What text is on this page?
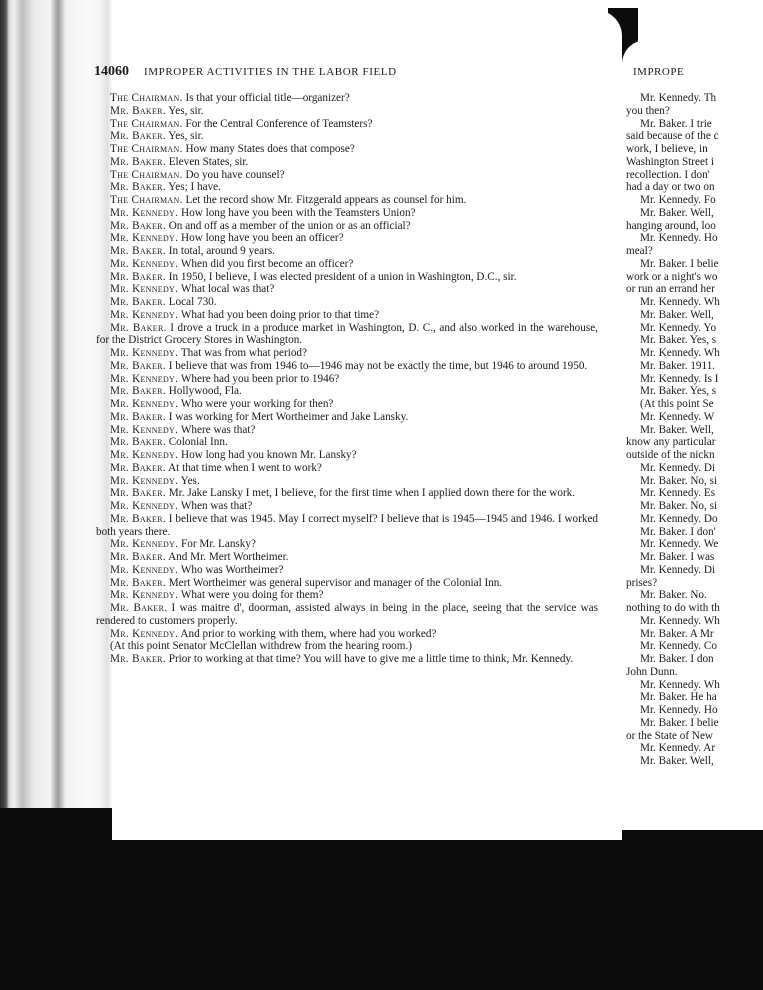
14060 IMPROPER ACTIVITIES IN THE LABOR FIELD
The Chairman. Is that your official title—organizer?
Mr. Baker. Yes, sir.
The Chairman. For the Central Conference of Teamsters?
Mr. Baker. Yes, sir.
The Chairman. How many States does that compose?
Mr. Baker. Eleven States, sir.
The Chairman. Do you have counsel?
Mr. Baker. Yes; I have.
The Chairman. Let the record show Mr. Fitzgerald appears as counsel for him.
Mr. Kennedy. How long have you been with the Teamsters Union?
Mr. Baker. On and off as a member of the union or as an official?
Mr. Kennedy. How long have you been an officer?
Mr. Baker. In total, around 9 years.
Mr. Kennedy. When did you first become an officer?
Mr. Baker. In 1950, I believe, I was elected president of a union in Washington, D.C., sir.
Mr. Kennedy. What local was that?
Mr. Baker. Local 730.
Mr. Kennedy. What had you been doing prior to that time?
Mr. Baker. I drove a truck in a produce market in Washington, D. C., and also worked in the warehouse, for the District Grocery Stores in Washington.
Mr. Kennedy. That was from what period?
Mr. Baker. I believe that was from 1946 to—1946 may not be exactly the time, but 1946 to around 1950.
Mr. Kennedy. Where had you been prior to 1946?
Mr. Baker. Hollywood, Fla.
Mr. Kennedy. Who were your working for then?
Mr. Baker. I was working for Mert Wortheimer and Jake Lansky.
Mr. Kennedy. Where was that?
Mr. Baker. Colonial Inn.
Mr. Kennedy. How long had you known Mr. Lansky?
Mr. Baker. At that time when I went to work?
Mr. Kennedy. Yes.
Mr. Baker. Mr. Jake Lansky I met, I believe, for the first time when I applied down there for the work.
Mr. Kennedy. When was that?
Mr. Baker. I believe that was 1945. May I correct myself? I believe that is 1945—1945 and 1946. I worked both years there.
Mr. Kennedy. For Mr. Lansky?
Mr. Baker. And Mr. Mert Wortheimer.
Mr. Kennedy. Who was Wortheimer?
Mr. Baker. Mert Wortheimer was general supervisor and manager of the Colonial Inn.
Mr. Kennedy. What were you doing for them?
Mr. Baker. I was maitre d', doorman, assisted always in being in the place, seeing that the service was rendered to customers properly.
Mr. Kennedy. And prior to working with them, where had you worked?
(At this point Senator McClellan withdrew from the hearing room.)
Mr. Baker. Prior to working at that time? You will have to give me a little time to think, Mr. Kennedy.
IMPROPE
Mr. Kennedy. Th
you then?
Mr. Baker. I trie
said because of the c
work, I believe, in
Washington Street i
recollection. I don'
had a day or two on
Mr. Kennedy. Fo
Mr. Baker. Well,
hanging around, loo
Mr. Kennedy. Ho
meal?
Mr. Baker. I belie
work or a night's wo
or run an errand her
Mr. Kennedy. Wh
Mr. Baker. Well,
Mr. Kennedy. Yo
Mr. Baker. Yes, s
Mr. Kennedy. Wh
Mr. Baker. 1911.
Mr. Kennedy. Is I
Mr. Baker. Yes, s
(At this point Se
Mr. Kennedy. W
Mr. Baker. Well,
know any particular
outside of the nickn
Mr. Kennedy. Di
Mr. Baker. No, si
Mr. Kennedy. Es
Mr. Baker. No, si
Mr. Kennedy. Do
Mr. Baker. I don'
Mr. Kennedy. We
Mr. Baker. I was
Mr. Kennedy. Di
prises?
Mr. Baker. No.
nothing to do with th
Mr. Kennedy. Wh
Mr. Baker. A Mr
Mr. Kennedy. Co
Mr. Baker. I don
John Dunn.
Mr. Kennedy. Wh
Mr. Baker. He ha
Mr. Kennedy. Ho
Mr. Baker. I belie
or the State of New
Mr. Kennedy. Ar
Mr. Baker. Well,
